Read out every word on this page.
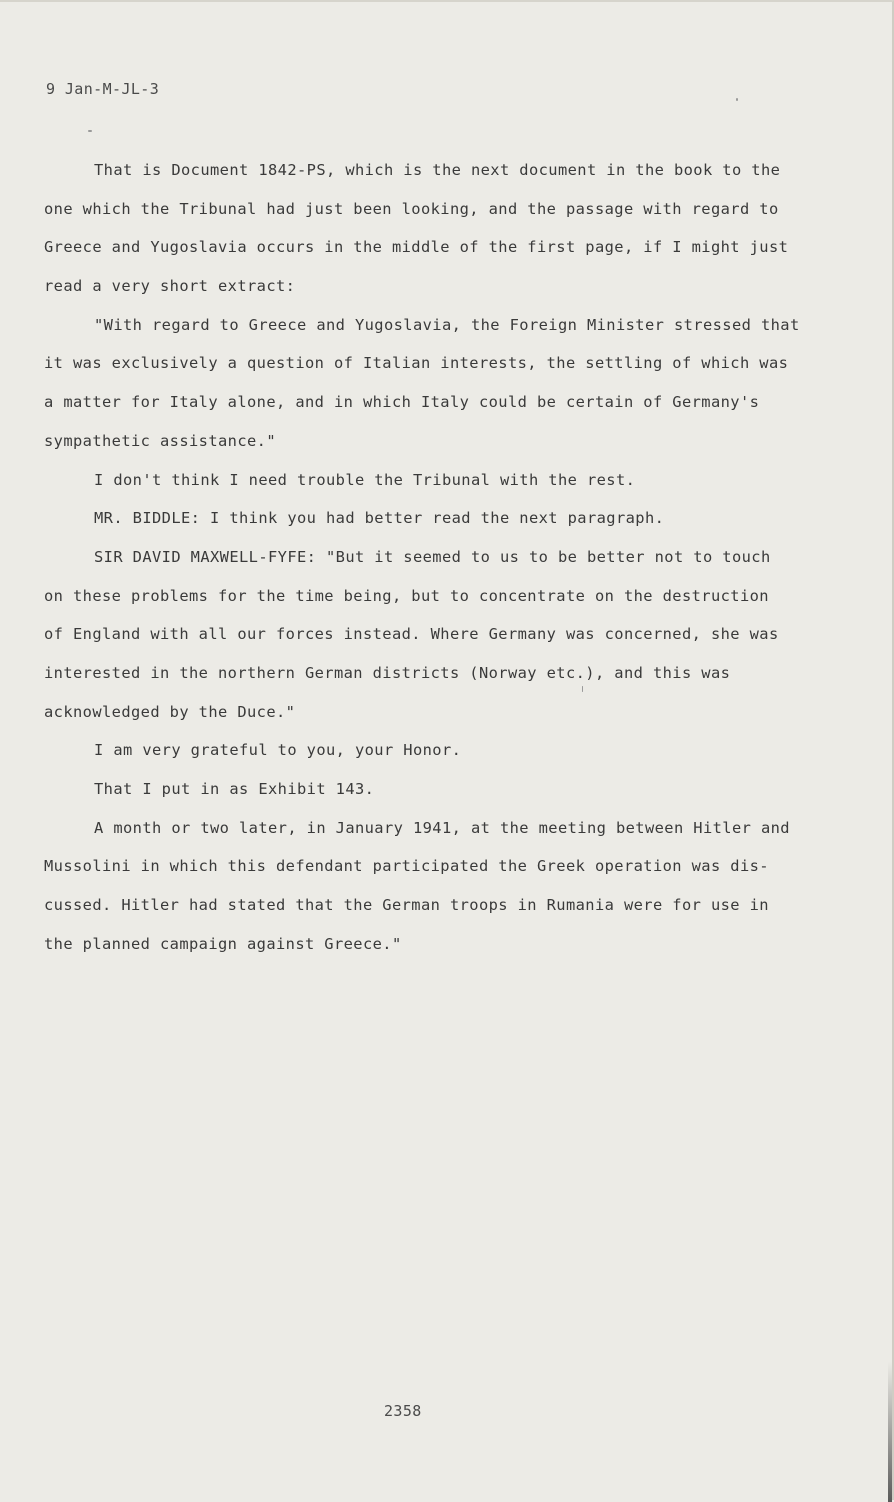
9 Jan-M-JL-3
That is Document 1842-PS, which is the next document in the book to the
one which the Tribunal had just been looking, and the passage with regard to
Greece and Yugoslavia occurs in the middle of the first page, if I might just
read a very short extract:
"With regard to Greece and Yugoslavia, the Foreign Minister stressed that
it was exclusively a question of Italian interests, the settling of which was
a matter for Italy alone, and in which Italy could be certain of Germany's
sympathetic assistance."
I don't think I need trouble the Tribunal with the rest.
MR. BIDDLE: I think you had better read the next paragraph.
SIR DAVID MAXWELL-FYFE: "But it seemed to us to be better not to touch
on these problems for the time being, but to concentrate on the destruction
of England with all our forces instead. Where Germany was concerned, she was
interested in the northern German districts (Norway etc.), and this was
acknowledged by the Duce."
I am very grateful to you, your Honor.
That I put in as Exhibit 143.
A month or two later, in January 1941, at the meeting between Hitler and
Mussolini in which this defendant participated the Greek operation was dis-
cussed. Hitler had stated that the German troops in Rumania were for use in
the planned campaign against Greece."
2358
